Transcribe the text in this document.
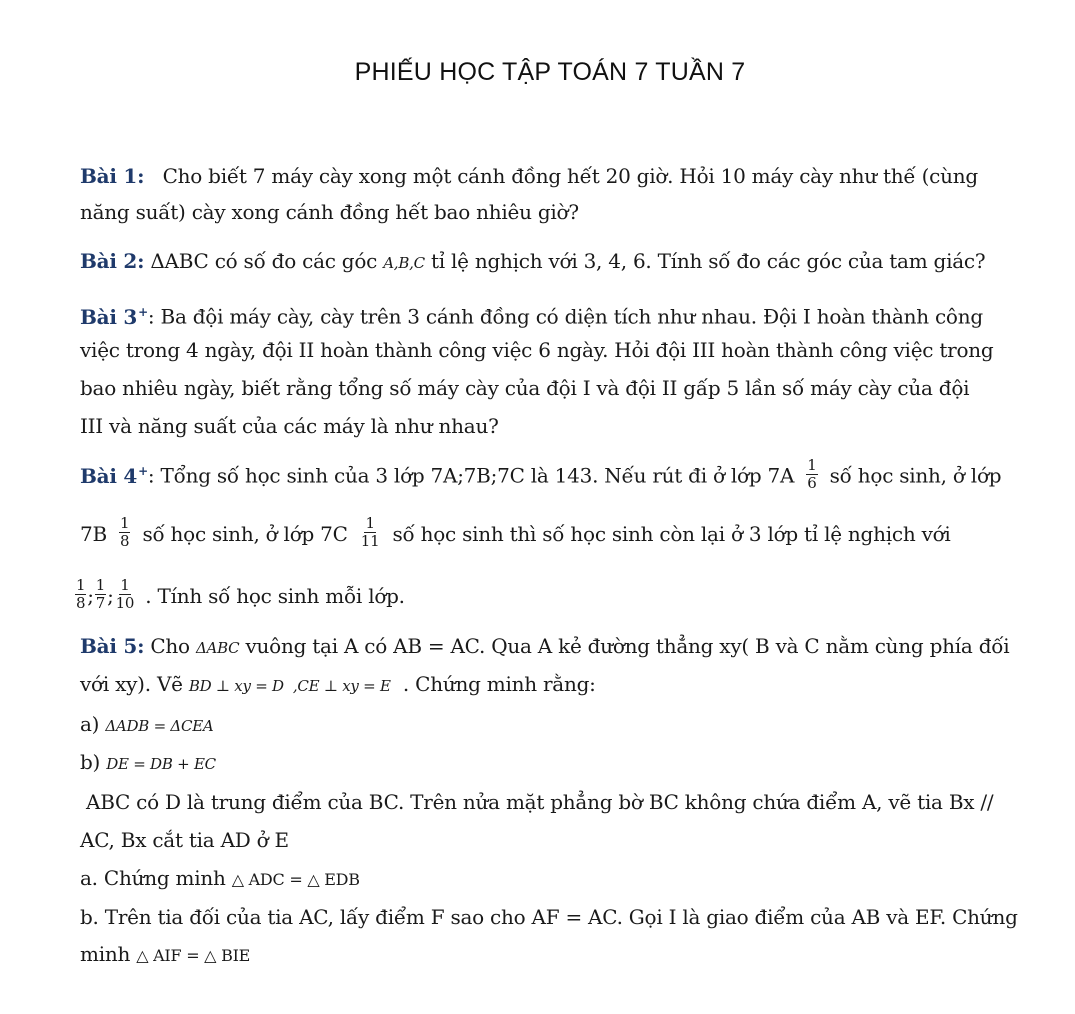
PHIẾU HỌC TẬP TOÁN 7 TUẦN 7
Bài 1: Cho biết 7 máy cày xong một cánh đồng hết 20 giờ. Hỏi 10 máy cày như thế (cùng
năng suất) cày xong cánh đồng hết bao nhiêu giờ?
Bài 2: ΔABC có số đo các góc A,B,C tỉ lệ nghịch với 3, 4, 6. Tính số đo các góc của tam giác?
Bài 3+: Ba đội máy cày, cày trên 3 cánh đồng có diện tích như nhau. Đội I hoàn thành công
việc trong 4 ngày, đội II hoàn thành công việc 6 ngày. Hỏi đội III hoàn thành công việc trong
bao nhiêu ngày, biết rằng tổng số máy cày của đội I và đội II gấp 5 lần số máy cày của đội
III và năng suất của các máy là như nhau?
Bài 4+: Tổng số học sinh của 3 lớp 7A;7B;7C là 143. Nếu rút đi ở lớp $7A \frac{1}{6}$ số học sinh, ở lớp
$7B \frac{1}{8}$ số học sinh, ở lớp $7C \frac{1}{11}$ số học sinh thì số học sinh còn lại ở 3 lớp tỉ lệ nghịch với
$\frac{1}{8}$ ; $\frac{1}{7}$ ; $\frac{1}{10}$ . Tính số học sinh mỗi lớp.
Bài 5: Cho ΔABC vuông tại A có AB = AC. Qua A kẻ đường thẳng xy( B và C nằm cùng phía đối
với xy). Vẽ BD ⊥ xy = D  ,CE ⊥ xy = E . Chứng minh rằng:
a) ΔADB = ΔCEA
b) DE = DB + EC
ABC có D là trung điểm của BC. Trên nửa mặt phẳng bờ BC không chứa điểm A, vẽ tia Bx //
AC, Bx cắt tia AD ở E
a. Chứng minh △ ADC = △ EDB
b. Trên tia đối của tia AC, lấy điểm F sao cho AF = AC. Gọi I là giao điểm của AB và EF. Chứng
minh △ AIF = △ BIE
